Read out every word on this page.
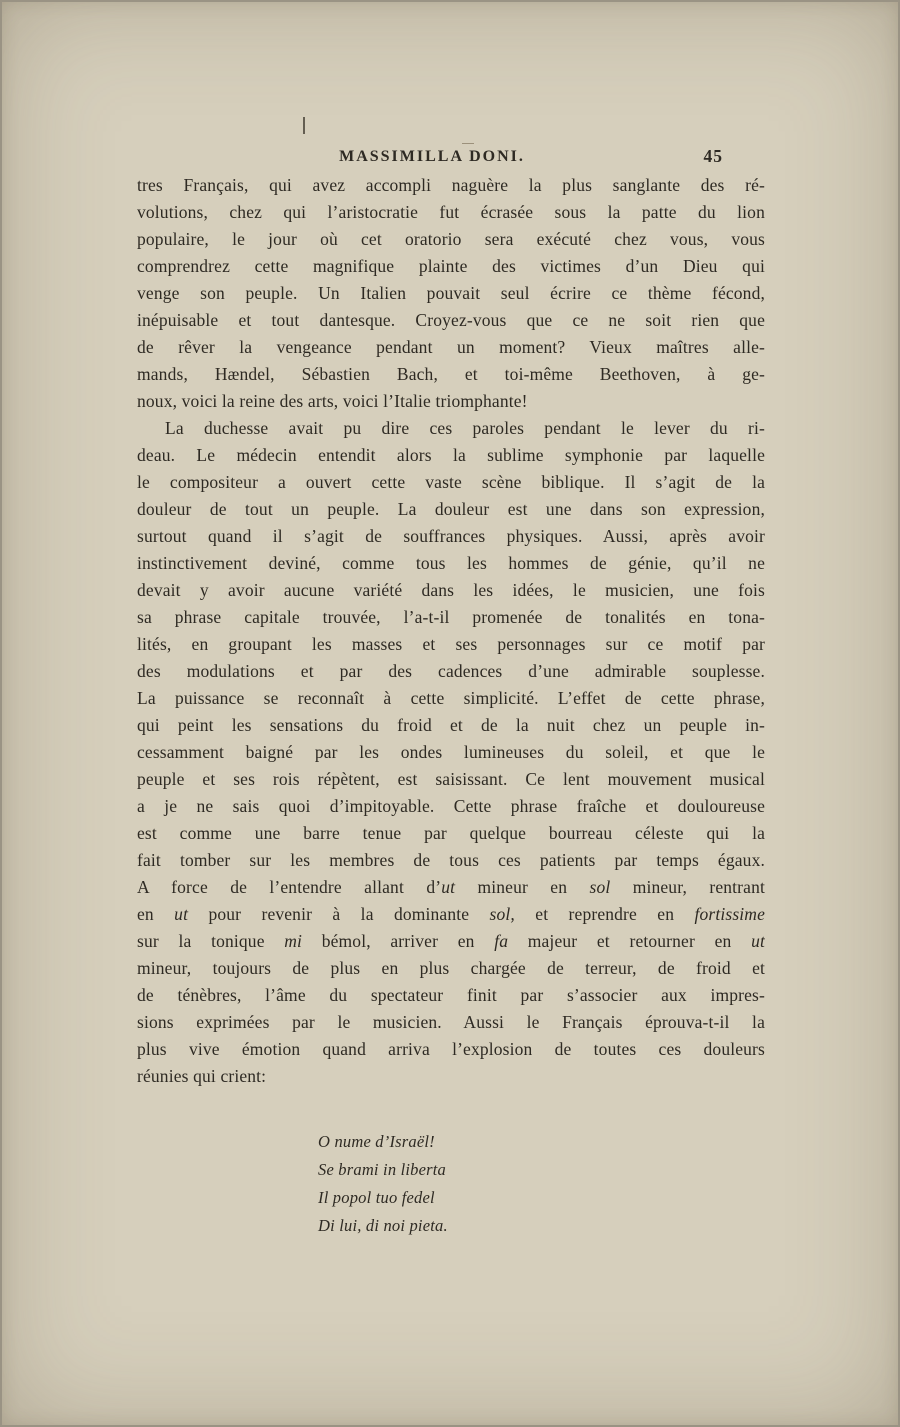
MASSIMILLA DONI.	45
tres Français, qui avez accompli naguère la plus sanglante des ré-
volutions, chez qui l’aristocratie fut écrasée sous la patte du lion
populaire, le jour où cet oratorio sera exécuté chez vous, vous
comprendrez cette magnifique plainte des victimes d’un Dieu qui
venge son peuple. Un Italien pouvait seul écrire ce thème fécond,
inépuisable et tout dantesque. Croyez-vous que ce ne soit rien que
de rêver la vengeance pendant un moment? Vieux maîtres alle-
mands, Hændel, Sébastien Bach, et toi-même Beethoven, à ge-
noux, voici la reine des arts, voici l’Italie triomphante!
La duchesse avait pu dire ces paroles pendant le lever du ri-
deau. Le médecin entendit alors la sublime symphonie par laquelle
le compositeur a ouvert cette vaste scène biblique. Il s’agit de la
douleur de tout un peuple. La douleur est une dans son expression,
surtout quand il s’agit de souffrances physiques. Aussi, après avoir
instinctivement deviné, comme tous les hommes de génie, qu’il ne
devait y avoir aucune variété dans les idées, le musicien, une fois
sa phrase capitale trouvée, l’a-t-il promenée de tonalités en tona-
lités, en groupant les masses et ses personnages sur ce motif par
des modulations et par des cadences d’une admirable souplesse.
La puissance se reconnaît à cette simplicité. L’effet de cette phrase,
qui peint les sensations du froid et de la nuit chez un peuple in-
cessamment baigné par les ondes lumineuses du soleil, et que le
peuple et ses rois répètent, est saisissant. Ce lent mouvement musical
a je ne sais quoi d’impitoyable. Cette phrase fraîche et douloureuse
est comme une barre tenue par quelque bourreau céleste qui la
fait tomber sur les membres de tous ces patients par temps égaux.
A force de l’entendre allant d’ut mineur en sol mineur, rentrant
en ut pour revenir à la dominante sol, et reprendre en fortissime
sur la tonique mi bémol, arriver en fa majeur et retourner en ut
mineur, toujours de plus en plus chargée de terreur, de froid et
de ténèbres, l’âme du spectateur finit par s’associer aux impres-
sions exprimées par le musicien. Aussi le Français éprouva-t-il la
plus vive émotion quand arriva l’explosion de toutes ces douleurs
réunies qui crient:
O nume d’Israël!
Se brami in liberta
Il popol tuo fedel
Di lui, di noi pieta.
